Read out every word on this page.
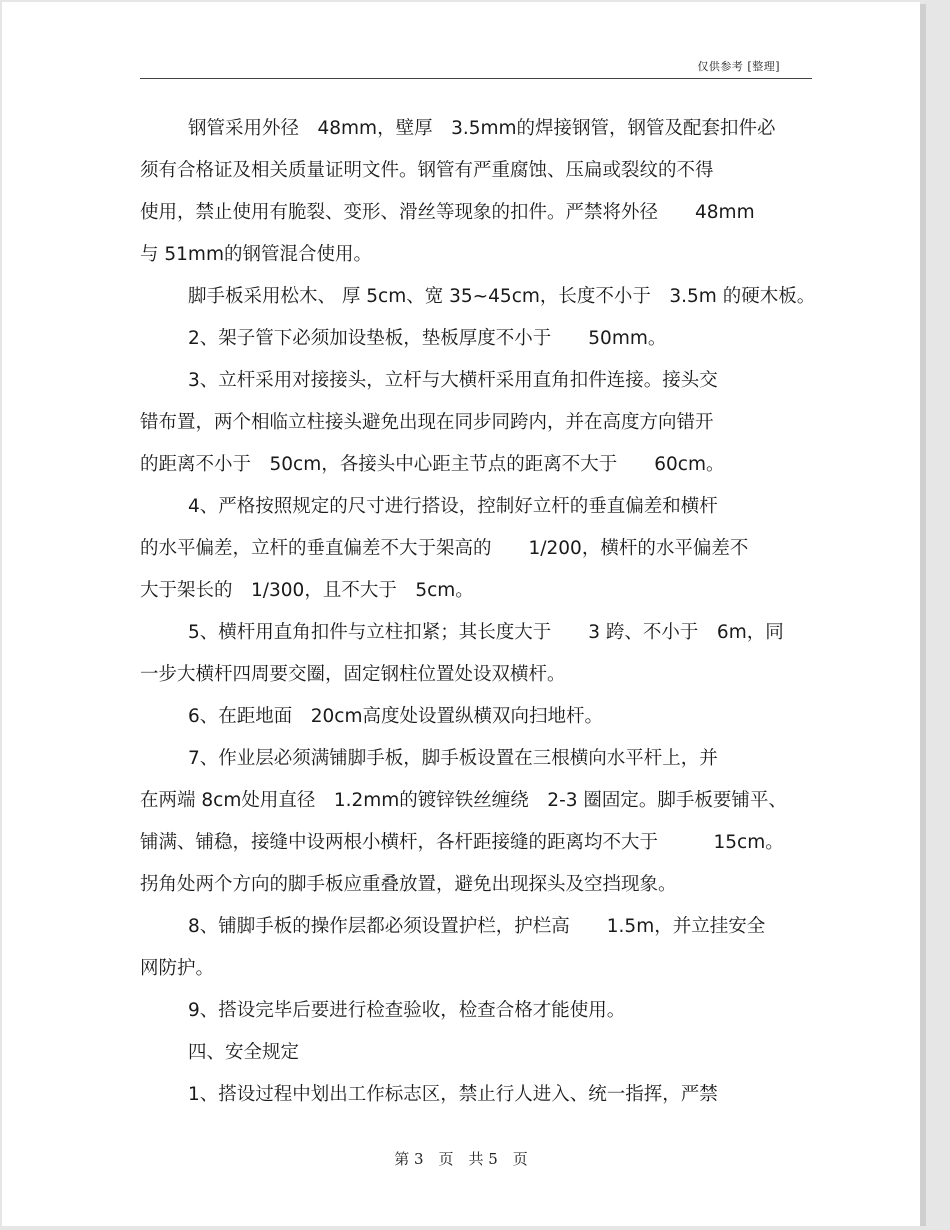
仅供参考 [整理]
钢管采用外径　48mm，壁厚　3.5mm的焊接钢管，钢管及配套扣件必
须有合格证及相关质量证明文件。钢管有严重腐蚀、压扁或裂纹的不得
使用，禁止使用有脆裂、变形、滑丝等现象的扣件。严禁将外径　　48mm
与 51mm的钢管混合使用。
脚手板采用松木、 厚 5cm、宽 35~45cm，长度不小于　3.5m 的硬木板。
2、架子管下必须加设垫板，垫板厚度不小于　　50mm。
3、立杆采用对接接头，立杆与大横杆采用直角扣件连接。接头交
错布置，两个相临立柱接头避免出现在同步同跨内，并在高度方向错开
的距离不小于　50cm，各接头中心距主节点的距离不大于　　60cm。
4、严格按照规定的尺寸进行搭设，控制好立杆的垂直偏差和横杆
的水平偏差，立杆的垂直偏差不大于架高的　　1/200，横杆的水平偏差不
大于架长的　1/300，且不大于　5cm。
5、横杆用直角扣件与立柱扣紧；其长度大于　　3 跨、不小于　6m，同
一步大横杆四周要交圈，固定钢柱位置处设双横杆。
6、在距地面　20cm高度处设置纵横双向扫地杆。
7、作业层必须满铺脚手板，脚手板设置在三根横向水平杆上，并
在两端 8cm处用直径　1.2mm的镀锌铁丝缠绕　2-3 圈固定。脚手板要铺平、
铺满、铺稳，接缝中设两根小横杆，各杆距接缝的距离均不大于　　　15cm。
拐角处两个方向的脚手板应重叠放置，避免出现探头及空挡现象。
8、铺脚手板的操作层都必须设置护栏，护栏高　　1.5m，并立挂安全
网防护。
9、搭设完毕后要进行检查验收，检查合格才能使用。
四、安全规定
1、搭设过程中划出工作标志区，禁止行人进入、统一指挥，严禁
第 3　页　共 5　页
